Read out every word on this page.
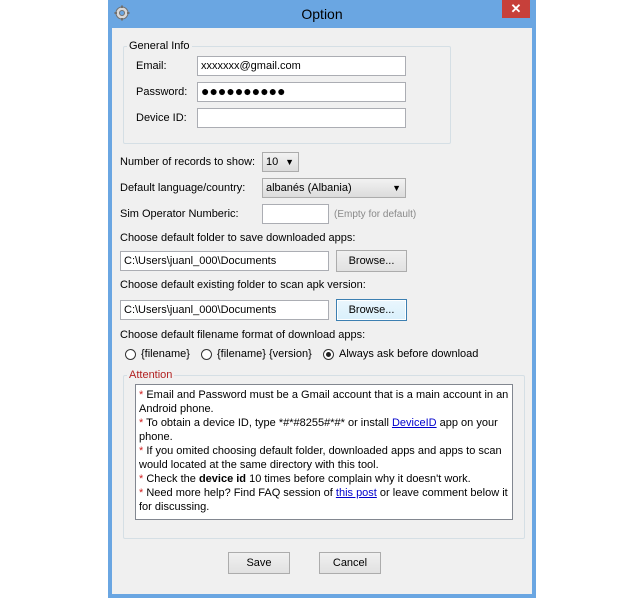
Option	✕
General Info
Email:	xxxxxxx@gmail.com
Password: ●●●●●●●●●●
Device ID:
Number of records to show: 10 ▼
Default language/country:	albanés (Albania)	▼
Sim Operator Numberic:	(Empty for default)
Choose default folder to save downloaded apps:
C:\Users\juanl_000\Documents	Browse...
Choose default existing folder to scan apk version:
C:\Users\juanl_000\Documents	Browse...
Choose default filename format of download apps:
{filename} {filename} {version} Always ask before download
Attention

* Email and Password must be a Gmail account that is a main account in an Android phone.

* To obtain a device ID, type *#*#8255#*#* or install DeviceID app on your phone.

* If you omited choosing default folder, downloaded apps and apps to scan would located at the same directory with this tool.

* Check the device id 10 times before complain why it doesn't work.

* Need more help? Find FAQ session of this post or leave comment below it for discussing.

Save	Cancel
